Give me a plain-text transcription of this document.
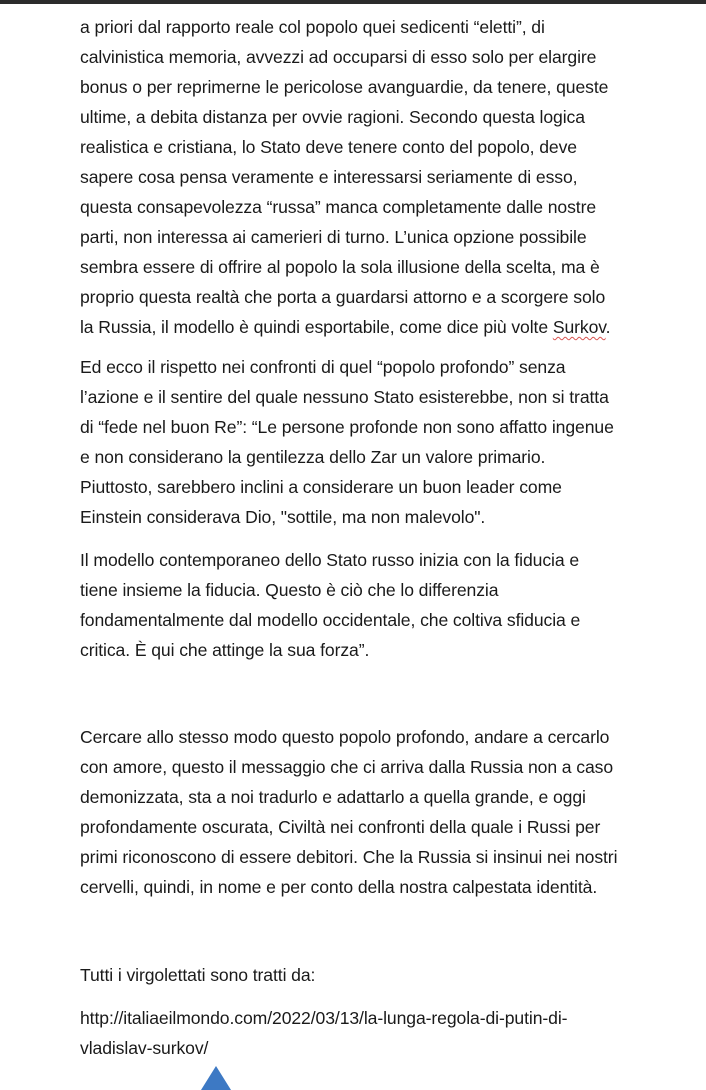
a priori dal rapporto reale col popolo quei sedicenti “eletti”, di
calvinistica memoria, avvezzi ad occuparsi di esso solo per elargire
bonus o per reprimerne le pericolose avanguardie, da tenere, queste
ultime, a debita distanza per ovvie ragioni. Secondo questa logica
realistica e cristiana, lo Stato deve tenere conto del popolo, deve
sapere cosa pensa veramente e interessarsi seriamente di esso,
questa consapevolezza “russa” manca completamente dalle nostre
parti, non interessa ai camerieri di turno. L’unica opzione possibile
sembra essere di offrire al popolo la sola illusione della scelta, ma è
proprio questa realtà che porta a guardarsi attorno e a scorgere solo
la Russia, il modello è quindi esportabile, come dice più volte Surkov.
Ed ecco il rispetto nei confronti di quel “popolo profondo” senza
l’azione e il sentire del quale nessuno Stato esisterebbe, non si tratta
di “fede nel buon Re”: “Le persone profonde non sono affatto ingenue
e non considerano la gentilezza dello Zar un valore primario.
Piuttosto, sarebbero inclini a considerare un buon leader come
Einstein considerava Dio, "sottile, ma non malevolo".
Il modello contemporaneo dello Stato russo inizia con la fiducia e
tiene insieme la fiducia. Questo è ciò che lo differenzia
fondamentalmente dal modello occidentale, che coltiva sfiducia e
critica. È qui che attinge la sua forza”.
Cercare allo stesso modo questo popolo profondo, andare a cercarlo
con amore, questo il messaggio che ci arriva dalla Russia non a caso
demonizzata, sta a noi tradurlo e adattarlo a quella grande, e oggi
profondamente oscurata, Civiltà nei confronti della quale i Russi per
primi riconoscono di essere debitori. Che la Russia si insinui nei nostri
cervelli, quindi, in nome e per conto della nostra calpestata identità.
Tutti i virgolettati sono tratti da:
http://italiaeilmondo.com/2022/03/13/la-lunga-regola-di-putin-di-
vladislav-surkov/
